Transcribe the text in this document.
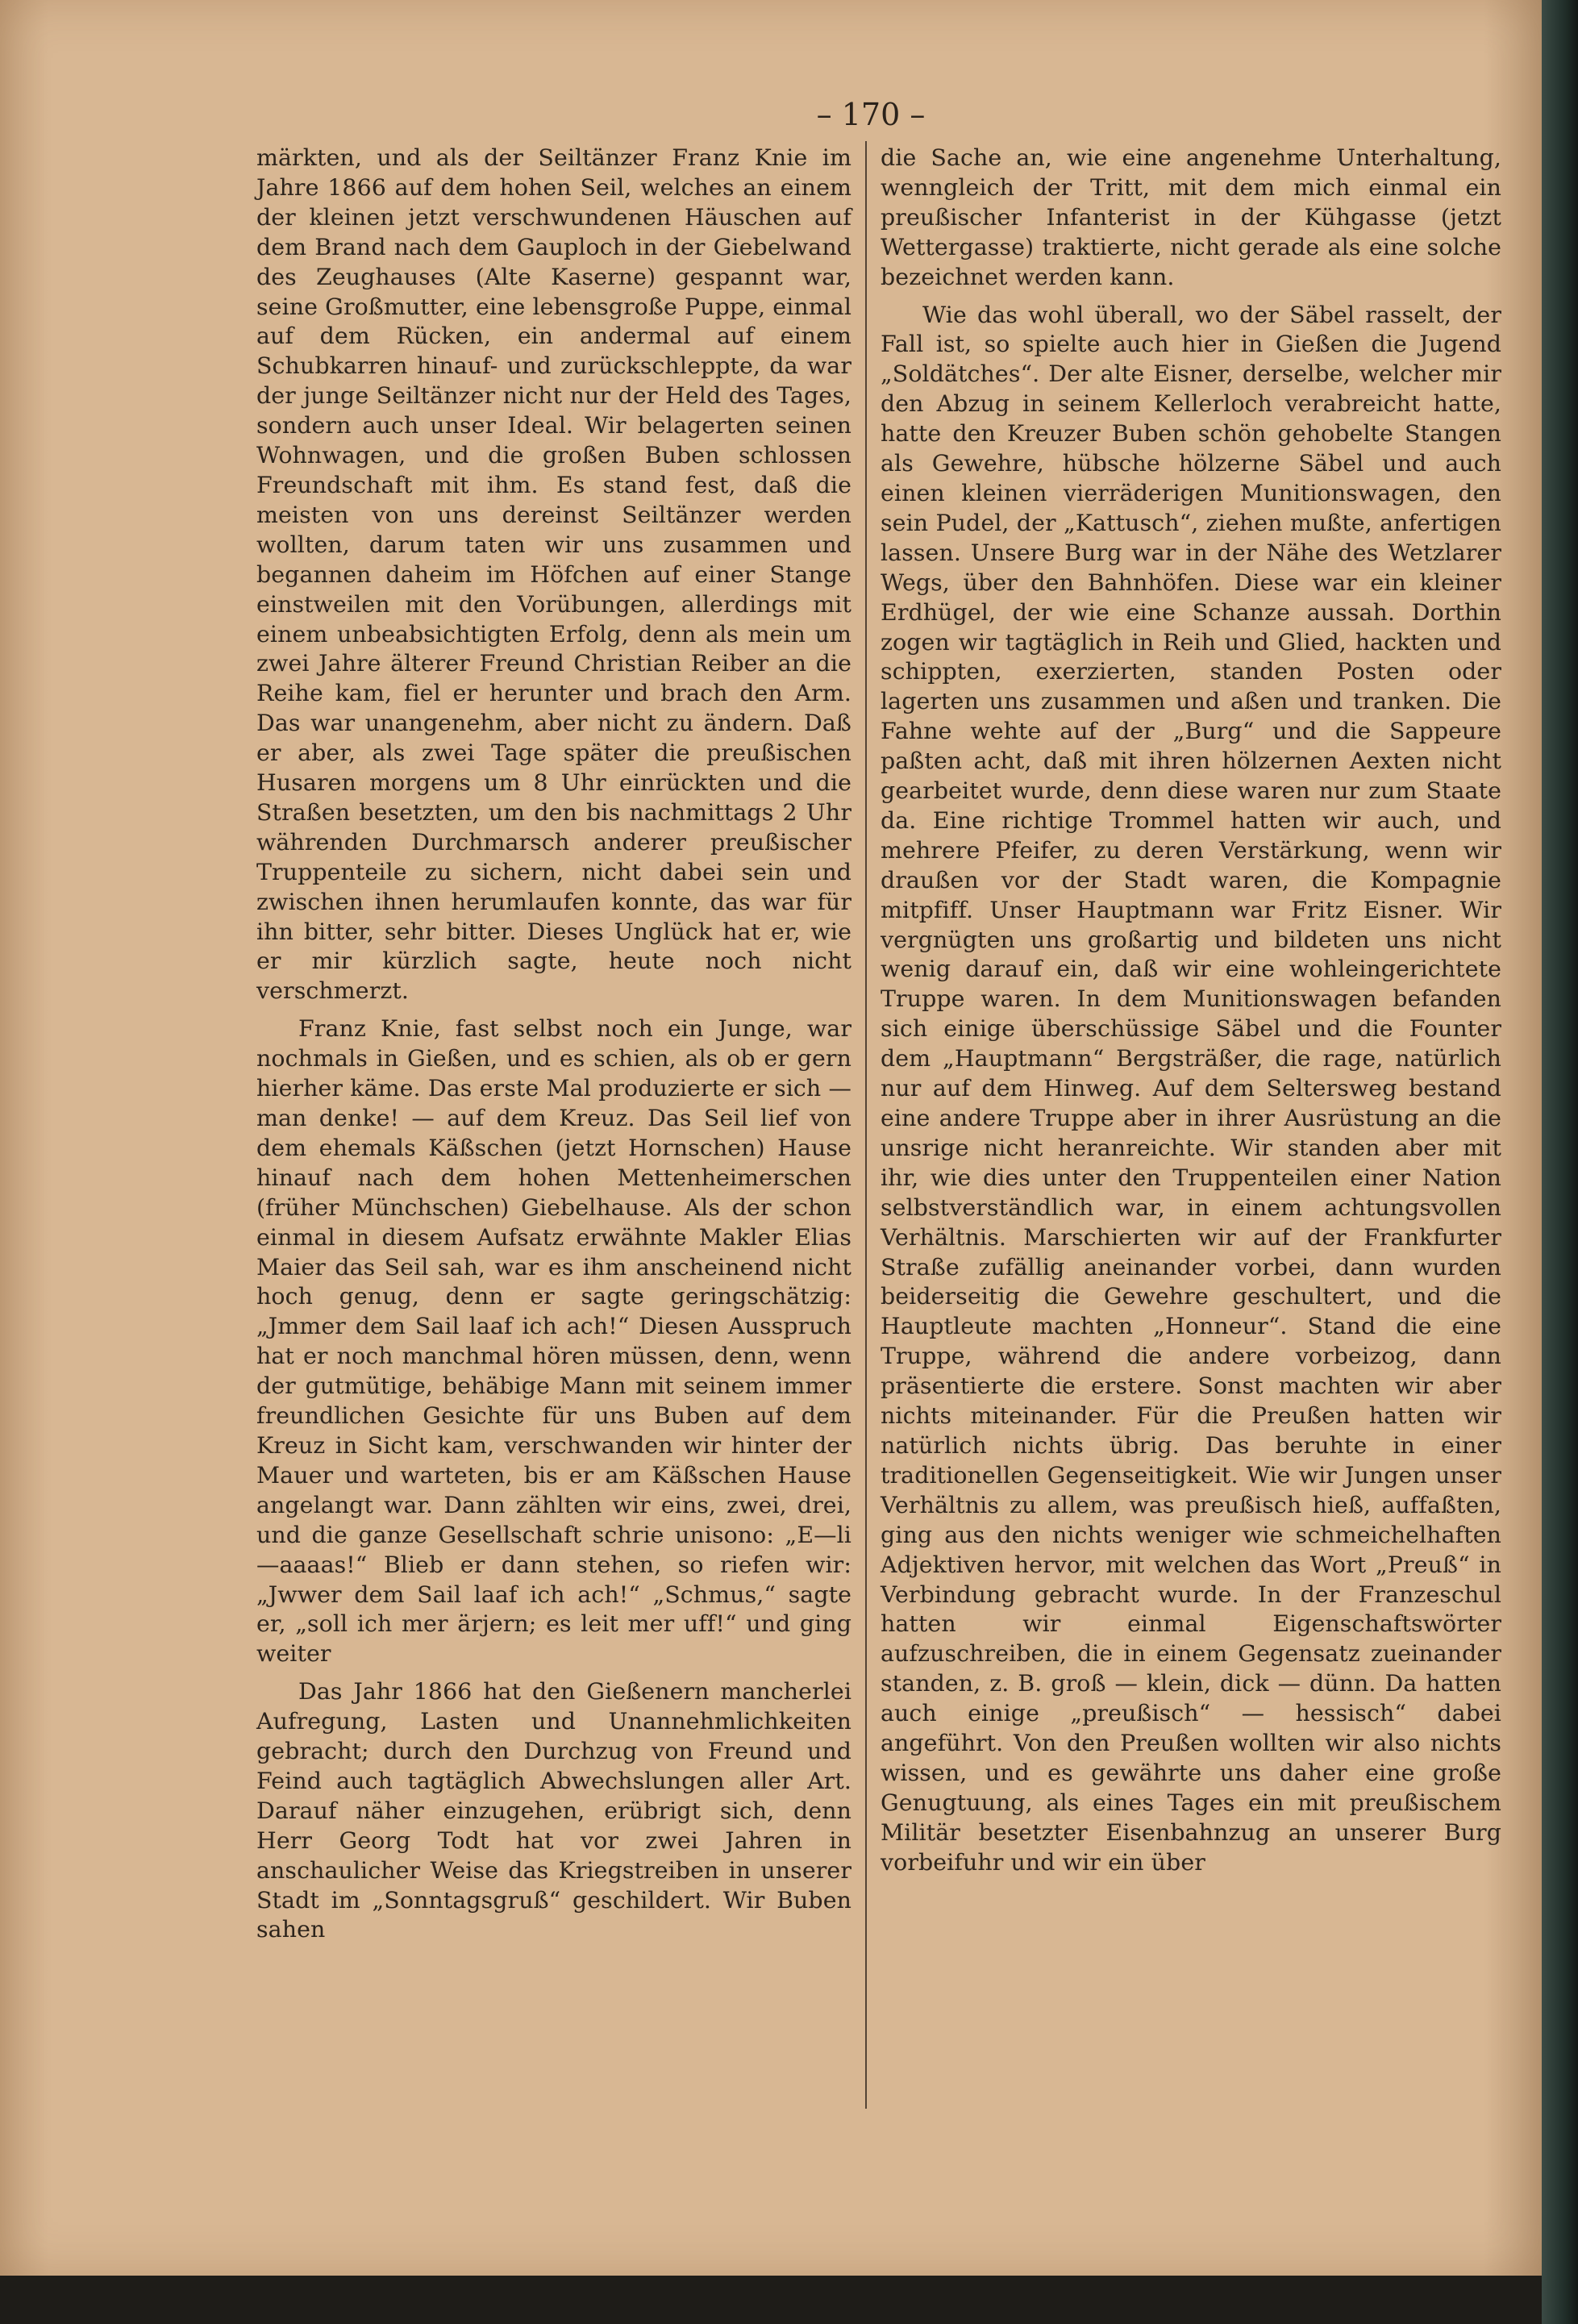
– 170 –

märkten, und als der Seiltänzer Franz Knie im Jahre 1866 auf dem hohen Seil, welches an einem der kleinen jetzt verschwundenen Häuschen auf dem Brand nach dem Gauploch in der Giebelwand des Zeughauses (Alte Kaserne) gespannt war, seine Großmutter, eine lebensgroße Puppe, einmal auf dem Rücken, ein andermal auf einem Schubkarren hinauf- und zurückschleppte, da war der junge Seiltänzer nicht nur der Held des Tages, sondern auch unser Ideal. Wir belagerten seinen Wohnwagen, und die großen Buben schlossen Freundschaft mit ihm. Es stand fest, daß die meisten von uns dereinst Seiltänzer werden wollten, darum taten wir uns zusammen und begannen daheim im Höfchen auf einer Stange einstweilen mit den Vorübungen, allerdings mit einem unbeabsichtigten Erfolg, denn als mein um zwei Jahre älterer Freund Christian Reiber an die Reihe kam, fiel er herunter und brach den Arm. Das war unangenehm, aber nicht zu ändern. Daß er aber, als zwei Tage später die preußischen Husaren morgens um 8 Uhr einrückten und die Straßen besetzten, um den bis nachmittags 2 Uhr währenden Durchmarsch anderer preußischer Truppenteile zu sichern, nicht dabei sein und zwischen ihnen herumlaufen konnte, das war für ihn bitter, sehr bitter. Dieses Unglück hat er, wie er mir kürzlich sagte, heute noch nicht verschmerzt.

Franz Knie, fast selbst noch ein Junge, war nochmals in Gießen, und es schien, als ob er gern hierher käme. Das erste Mal produzierte er sich — man denke! — auf dem Kreuz. Das Seil lief von dem ehemals Käßschen (jetzt Hornschen) Hause hinauf nach dem hohen Mettenheimerschen (früher Münchschen) Giebelhause. Als der schon einmal in diesem Aufsatz erwähnte Makler Elias Maier das Seil sah, war es ihm anscheinend nicht hoch genug, denn er sagte geringschätzig: „Jmmer dem Sail laaf ich ach!“ Diesen Ausspruch hat er noch manchmal hören müssen, denn, wenn der gutmütige, behäbige Mann mit seinem immer freundlichen Gesichte für uns Buben auf dem Kreuz in Sicht kam, verschwanden wir hinter der Mauer und warteten, bis er am Käßschen Hause angelangt war. Dann zählten wir eins, zwei, drei, und die ganze Gesellschaft schrie unisono: „E—li—aaaas!“ Blieb er dann stehen, so riefen wir: „Jwwer dem Sail laaf ich ach!“ „Schmus,“ sagte er, „soll ich mer ärjern; es leit mer uff!“ und ging weiter

Das Jahr 1866 hat den Gießenern mancherlei Aufregung, Lasten und Unannehmlichkeiten gebracht; durch den Durchzug von Freund und Feind auch tagtäglich Abwechslungen aller Art. Darauf näher einzugehen, erübrigt sich, denn Herr Georg Todt hat vor zwei Jahren in anschaulicher Weise das Kriegstreiben in unserer Stadt im „Sonntagsgruß“ geschildert. Wir Buben sahen

die Sache an, wie eine angenehme Unterhaltung, wenngleich der Tritt, mit dem mich einmal ein preußischer Infanterist in der Kühgasse (jetzt Wettergasse) traktierte, nicht gerade als eine solche bezeichnet werden kann.

Wie das wohl überall, wo der Säbel rasselt, der Fall ist, so spielte auch hier in Gießen die Jugend „Soldätches“. Der alte Eisner, derselbe, welcher mir den Abzug in seinem Kellerloch verabreicht hatte, hatte den Kreuzer Buben schön gehobelte Stangen als Gewehre, hübsche hölzerne Säbel und auch einen kleinen vierräderigen Munitionswagen, den sein Pudel, der „Kattusch“, ziehen mußte, anfertigen lassen. Unsere Burg war in der Nähe des Wetzlarer Wegs, über den Bahnhöfen. Diese war ein kleiner Erdhügel, der wie eine Schanze aussah. Dorthin zogen wir tagtäglich in Reih und Glied, hackten und schippten, exerzierten, standen Posten oder lagerten uns zusammen und aßen und tranken. Die Fahne wehte auf der „Burg“ und die Sappeure paßten acht, daß mit ihren hölzernen Aexten nicht gearbeitet wurde, denn diese waren nur zum Staate da. Eine richtige Trommel hatten wir auch, und mehrere Pfeifer, zu deren Verstärkung, wenn wir draußen vor der Stadt waren, die Kompagnie mitpfiff. Unser Hauptmann war Fritz Eisner. Wir vergnügten uns großartig und bildeten uns nicht wenig darauf ein, daß wir eine wohleingerichtete Truppe waren. In dem Munitionswagen befanden sich einige überschüssige Säbel und die Founter dem „Hauptmann“ Bergsträßer, die rage, natürlich nur auf dem Hinweg. Auf dem Seltersweg bestand eine andere Truppe aber in ihrer Ausrüstung an die unsrige nicht heranreichte. Wir standen aber mit ihr, wie dies unter den Truppenteilen einer Nation selbstverständlich war, in einem achtungsvollen Verhältnis. Marschierten wir auf der Frankfurter Straße zufällig aneinander vorbei, dann wurden beiderseitig die Gewehre geschultert, und die Hauptleute machten „Honneur“. Stand die eine Truppe, während die andere vorbeizog, dann präsentierte die erstere. Sonst machten wir aber nichts miteinander. Für die Preußen hatten wir natürlich nichts übrig. Das beruhte in einer traditionellen Gegenseitigkeit. Wie wir Jungen unser Verhältnis zu allem, was preußisch hieß, auffaßten, ging aus den nichts weniger wie schmeichelhaften Adjektiven hervor, mit welchen das Wort „Preuß“ in Verbindung gebracht wurde. In der Franzeschul hatten wir einmal Eigenschaftswörter aufzuschreiben, die in einem Gegensatz zueinander standen, z. B. groß — klein, dick — dünn. Da hatten auch einige „preußisch“ — hessisch“ dabei angeführt. Von den Preußen wollten wir also nichts wissen, und es gewährte uns daher eine große Genugtuung, als eines Tages ein mit preußischem Militär besetzter Eisenbahnzug an unserer Burg vorbeifuhr und wir ein über
